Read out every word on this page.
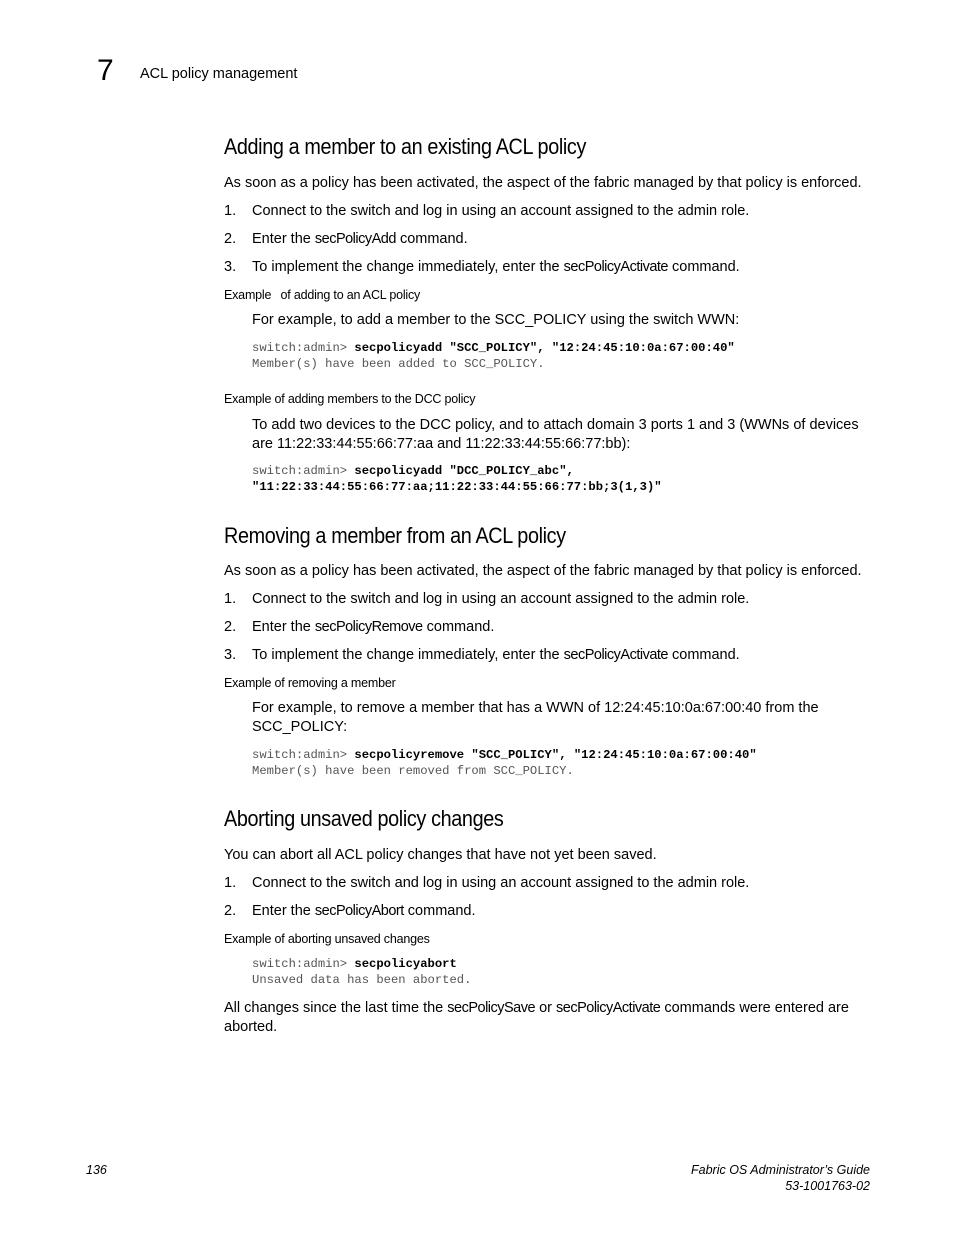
7 ACL policy management
Adding a member to an existing ACL policy
As soon as a policy has been activated, the aspect of the fabric managed by that policy is enforced.
1. Connect to the switch and log in using an account assigned to the admin role.
2. Enter the secPolicyAdd command.
3. To implement the change immediately, enter the secPolicyActivate command.
Example of adding to an ACL policy
For example, to add a member to the SCC_POLICY using the switch WWN:
switch:admin> secpolicyadd "SCC_POLICY", "12:24:45:10:0a:67:00:40"
Member(s) have been added to SCC_POLICY.
Example of adding members to the DCC policy
To add two devices to the DCC policy, and to attach domain 3 ports 1 and 3 (WWNs of devices are 11:22:33:44:55:66:77:aa and 11:22:33:44:55:66:77:bb):
switch:admin> secpolicyadd "DCC_POLICY_abc",
"11:22:33:44:55:66:77:aa;11:22:33:44:55:66:77:bb;3(1,3)"
Removing a member from an ACL policy
As soon as a policy has been activated, the aspect of the fabric managed by that policy is enforced.
1. Connect to the switch and log in using an account assigned to the admin role.
2. Enter the secPolicyRemove command.
3. To implement the change immediately, enter the secPolicyActivate command.
Example of removing a member
For example, to remove a member that has a WWN of 12:24:45:10:0a:67:00:40 from the SCC_POLICY:
switch:admin> secpolicyremove "SCC_POLICY", "12:24:45:10:0a:67:00:40"
Member(s) have been removed from SCC_POLICY.
Aborting unsaved policy changes
You can abort all ACL policy changes that have not yet been saved.
1. Connect to the switch and log in using an account assigned to the admin role.
2. Enter the secPolicyAbort command.
Example of aborting unsaved changes
switch:admin> secpolicyabort
Unsaved data has been aborted.
All changes since the last time the secPolicySave or secPolicyActivate commands were entered are aborted.
136	Fabric OS Administrator’s Guide
53-1001763-02
